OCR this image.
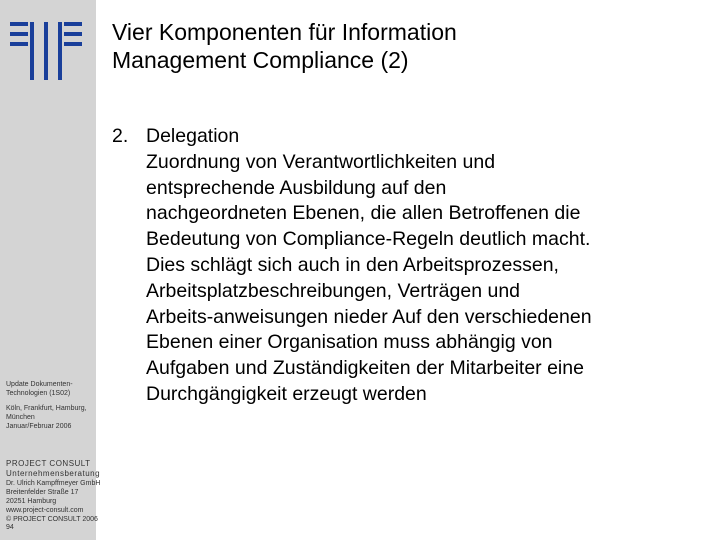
Update Dokumenten-
Technologien (1S02)
Köln, Frankfurt, Hamburg,
München
Januar/Februar 2006
PROJECT CONSULT
Unternehmensberatung
Dr. Ulrich Kampffmeyer GmbH
Breitenfelder Straße 17
20251 Hamburg
www.project-consult.com
© PROJECT CONSULT 2006
94
Vier Komponenten für Information
Management Compliance (2)
2. Delegation
Zuordnung von Verantwortlichkeiten und
entsprechende Ausbildung auf den
nachgeordneten Ebenen, die allen Betroffenen die
Bedeutung von Compliance-Regeln deutlich macht.
Dies schlägt sich auch in den Arbeitsprozessen,
Arbeitsplatzbeschreibungen, Verträgen und
Arbeits-anweisungen nieder Auf den verschiedenen
Ebenen einer Organisation muss abhängig von
Aufgaben und Zuständigkeiten der Mitarbeiter eine
Durchgängigkeit erzeugt werden
